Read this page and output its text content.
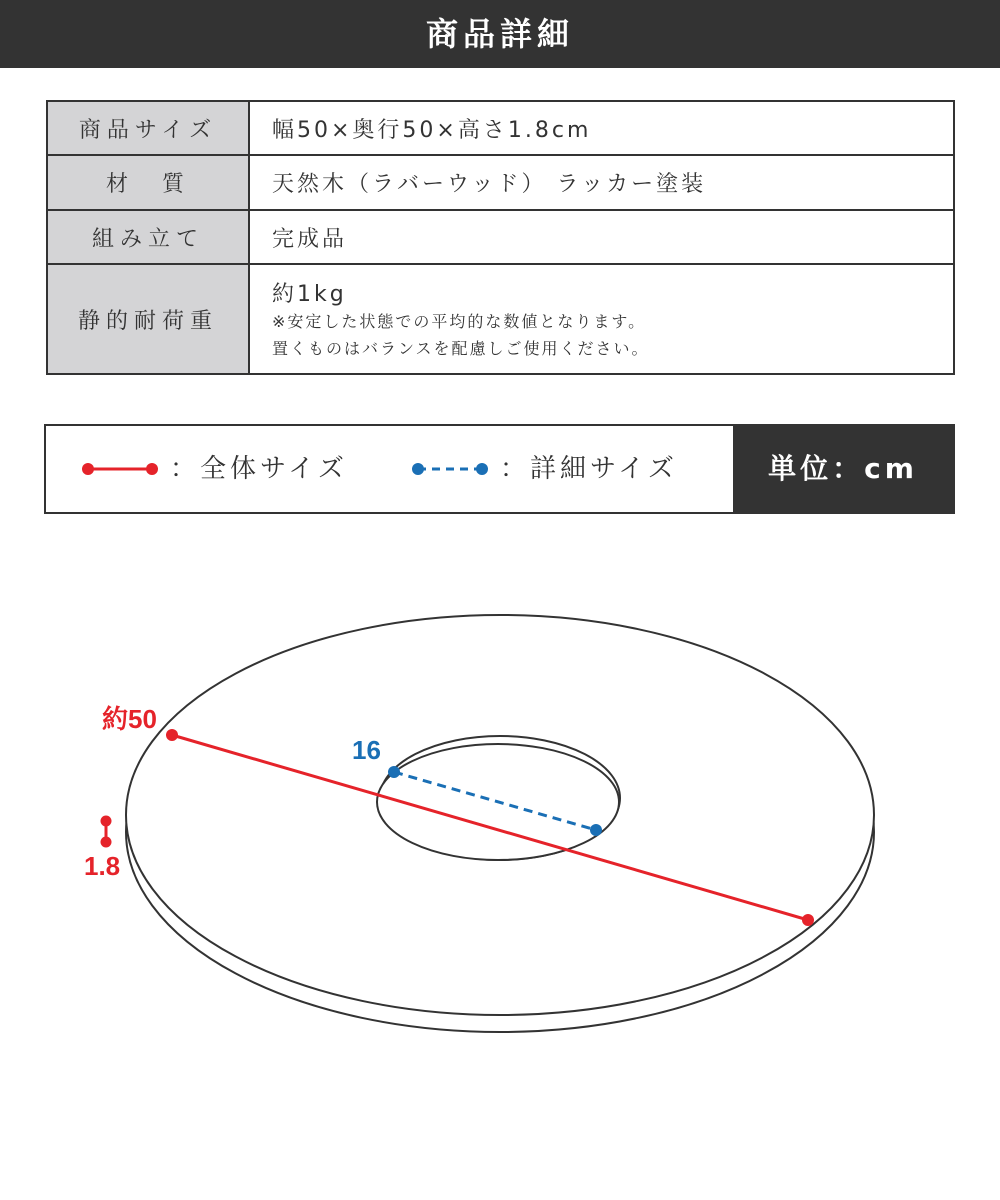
商品詳細
商品サイズ	幅50×奥行50×高さ1.8cm
材　質	天然木（ラバーウッド） ラッカー塗装
組み立て	完成品
静的耐荷重	約1kg
※安定した状態での平均的な数値となります。
置くものはバランスを配慮しご使用ください。
：全体サイズ	：詳細サイズ	単位：cm
約50
16
1.8
